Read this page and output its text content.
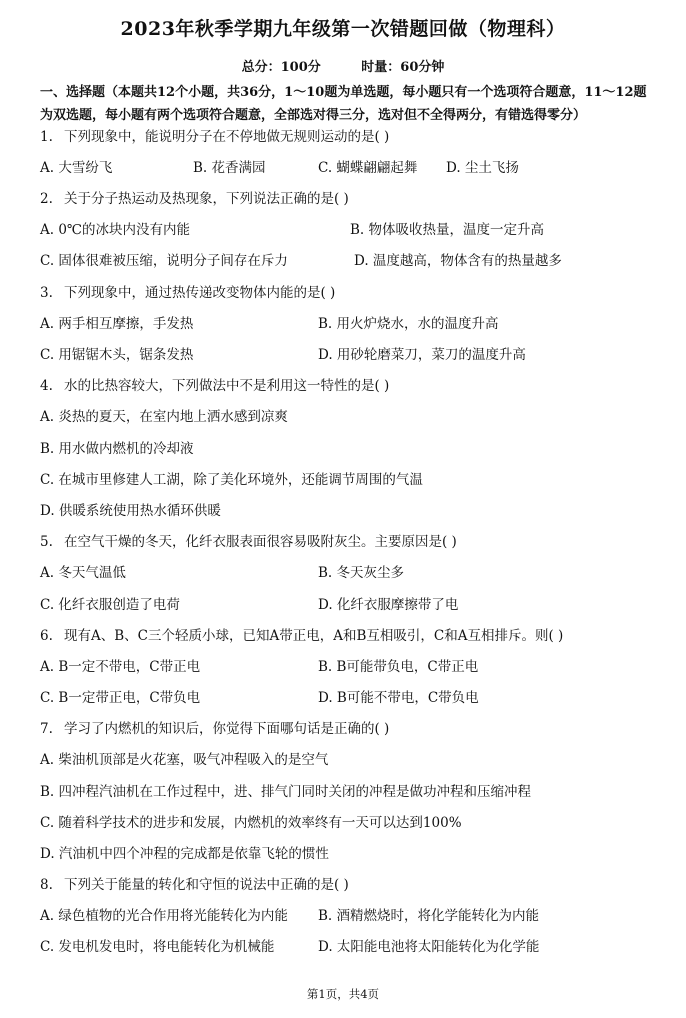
2023年秋季学期九年级第一次错题回做（物理科）
总分：100分	时量：60分钟
一、选择题（本题共12个小题，共36分，1～10题为单选题，每小题只有一个选项符合题意，11～12题为双选题，每小题有两个选项符合题意，全部选对得三分，选对但不全得两分，有错选得零分）
1. 下列现象中，能说明分子在不停地做无规则运动的是( )
A. 大雪纷飞	B. 花香满园	C. 蝴蝶翩翩起舞 D. 尘土飞扬
2. 关于分子热运动及热现象，下列说法正确的是( )
A. 0℃的冰块内没有内能	B. 物体吸收热量，温度一定升高
C. 固体很难被压缩，说明分子间存在斥力	D. 温度越高，物体含有的热量越多
3. 下列现象中，通过热传递改变物体内能的是( )
A. 两手相互摩擦，手发热	B. 用火炉烧水，水的温度升高
C. 用锯锯木头，锯条发热	D. 用砂轮磨菜刀，菜刀的温度升高
4. 水的比热容较大，下列做法中不是利用这一特性的是( )
A. 炎热的夏天，在室内地上洒水感到凉爽
B. 用水做内燃机的冷却液
C. 在城市里修建人工湖，除了美化环境外，还能调节周围的气温
D. 供暖系统使用热水循环供暖
5. 在空气干燥的冬天，化纤衣服表面很容易吸附灰尘。主要原因是( )
A. 冬天气温低	B. 冬天灰尘多
C. 化纤衣服创造了电荷	D. 化纤衣服摩擦带了电
6. 现有A、B、C三个轻质小球，已知A带正电，A和B互相吸引，C和A互相排斥。则( )
A. B一定不带电，C带正电	B. B可能带负电，C带正电
C. B一定带正电，C带负电	D. B可能不带电，C带负电
7. 学习了内燃机的知识后，你觉得下面哪句话是正确的( )
A. 柴油机顶部是火花塞，吸气冲程吸入的是空气
B. 四冲程汽油机在工作过程中，进、排气门同时关闭的冲程是做功冲程和压缩冲程
C. 随着科学技术的进步和发展，内燃机的效率终有一天可以达到100%
D. 汽油机中四个冲程的完成都是依靠飞轮的惯性
8. 下列关于能量的转化和守恒的说法中正确的是( )
A. 绿色植物的光合作用将光能转化为内能 B. 酒精燃烧时，将化学能转化为内能
C. 发电机发电时，将电能转化为机械能	D. 太阳能电池将太阳能转化为化学能
第1页，共4页
